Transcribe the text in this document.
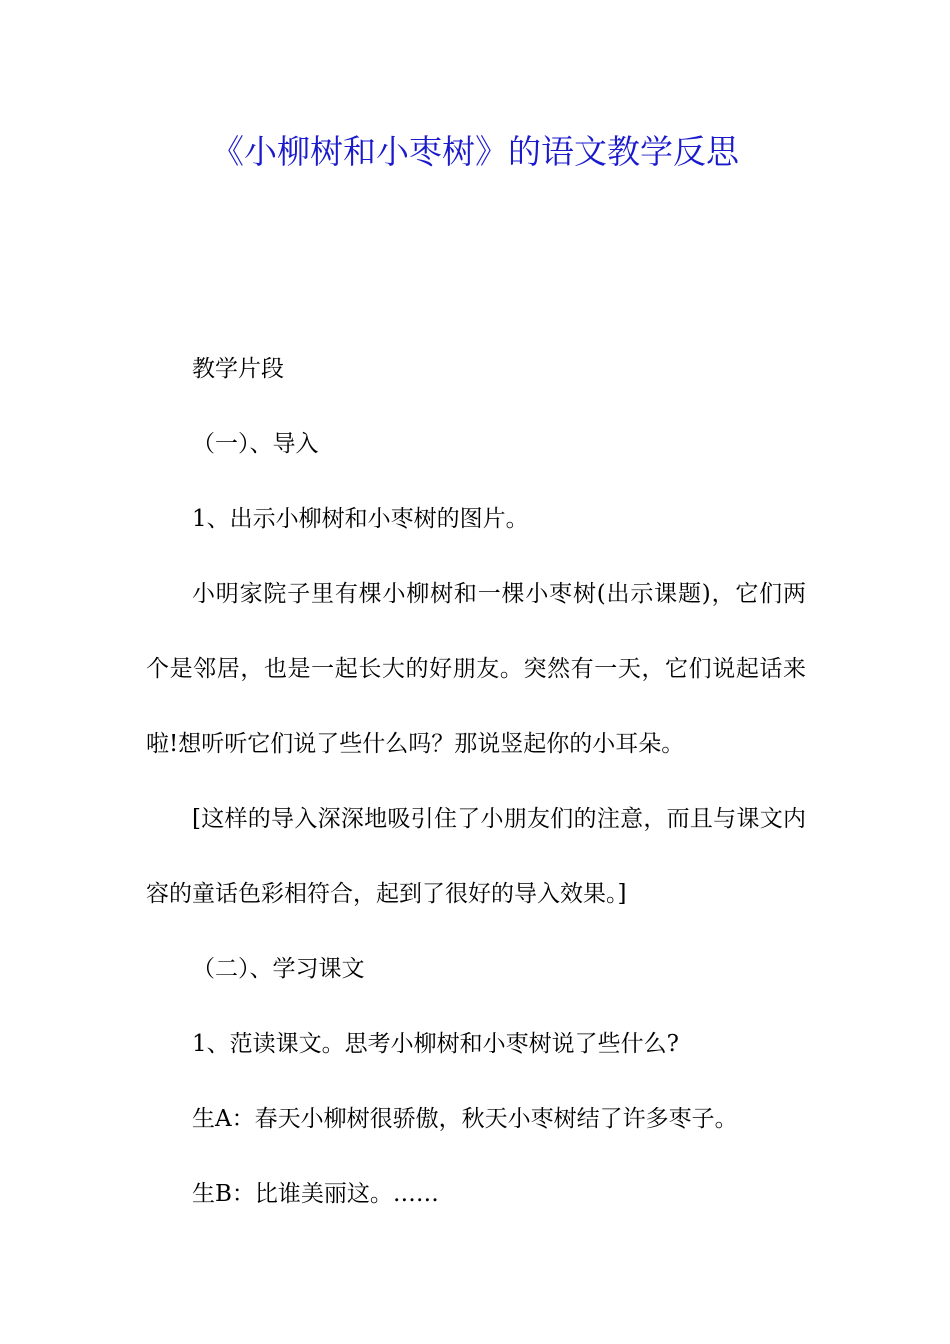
《小柳树和小枣树》的语文教学反思

教学片段

（一）、导入

1、出示小柳树和小枣树的图片。

小明家院子里有棵小柳树和一棵小枣树(出示课题)，它们两个是邻居，也是一起长大的好朋友。突然有一天，它们说起话来啦!想听听它们说了些什么吗？那说竖起你的小耳朵。

[这样的导入深深地吸引住了小朋友们的注意，而且与课文内容的童话色彩相符合，起到了很好的导入效果。]

（二）、学习课文

1、范读课文。思考小柳树和小枣树说了些什么?

生A：春天小柳树很骄傲，秋天小枣树结了许多枣子。

生B：比谁美丽这。……
